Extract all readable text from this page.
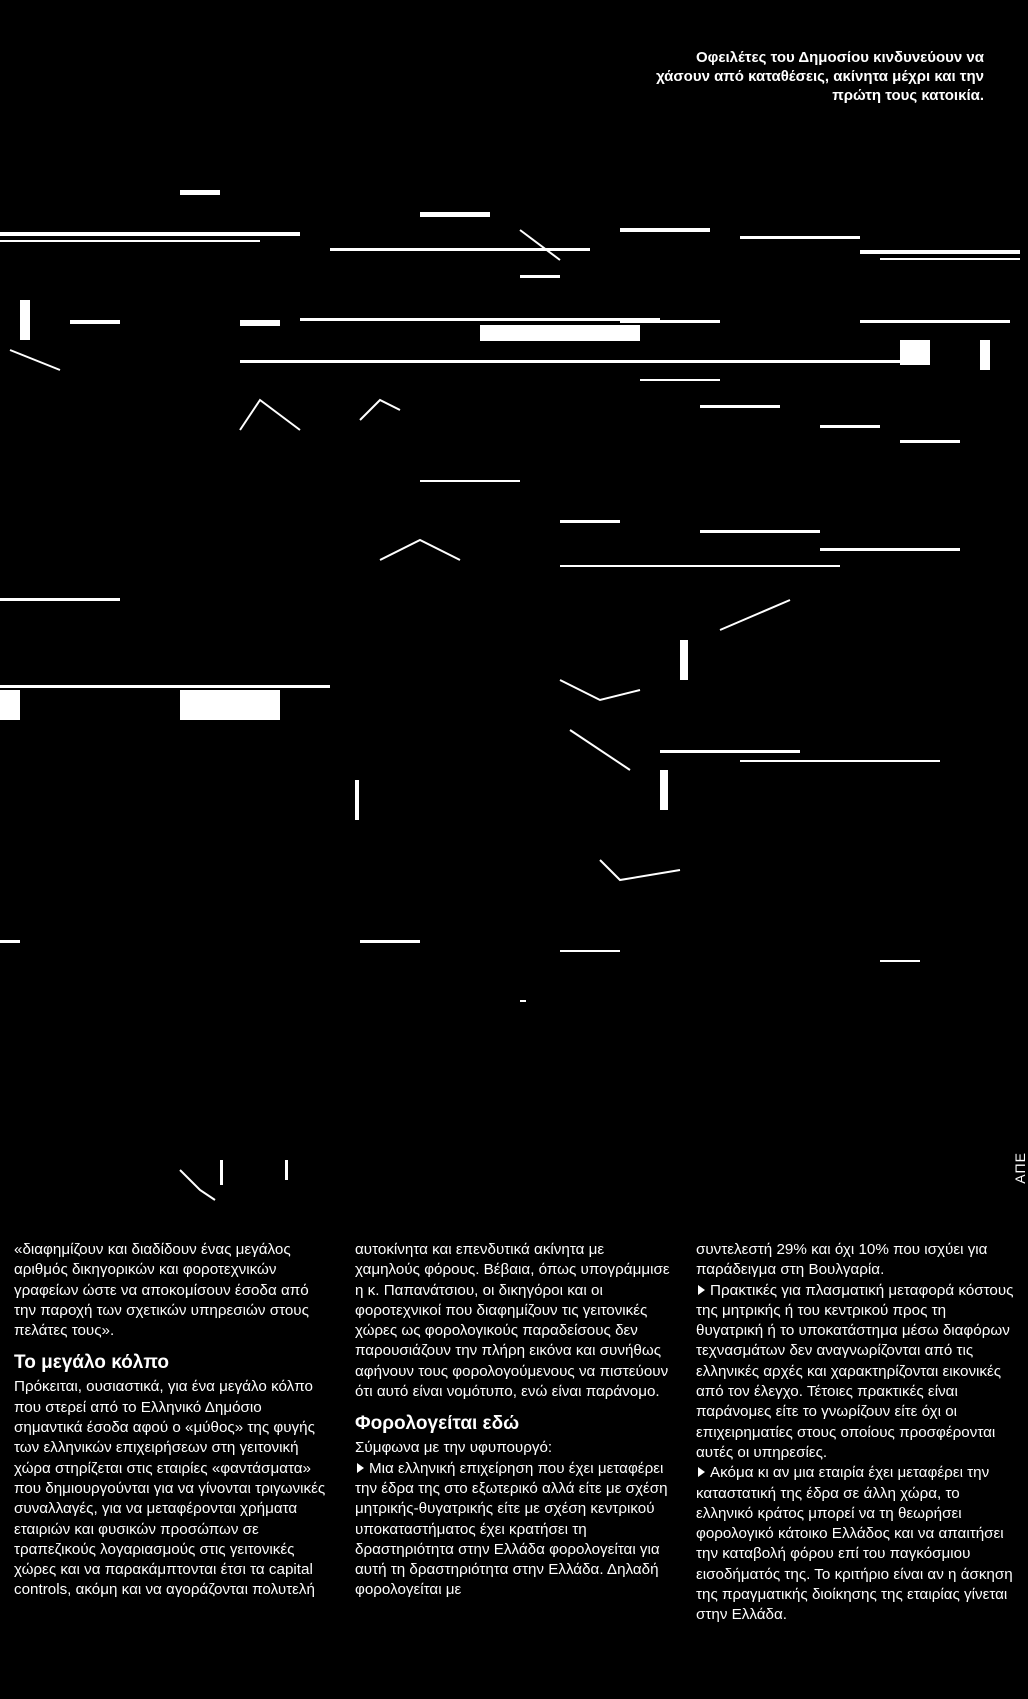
Οφειλέτες του Δημοσίου κινδυνεύουν να χάσουν από καταθέσεις, ακίνητα μέχρι και την πρώτη τους κατοικία.
ΑΠΕ

«διαφημίζουν και διαδίδουν ένας μεγάλος αριθμός δικηγορικών και φοροτεχνικών γραφείων ώστε να αποκομίσουν έσοδα από την παροχή των σχετικών υπηρεσιών στους πελάτες τους».

Το μεγάλο κόλπο

Πρόκειται, ουσιαστικά, για ένα μεγάλο κόλπο που στερεί από το Ελληνικό Δημόσιο σημαντικά έσοδα αφού ο «μύθος» της φυγής των ελληνικών επιχειρήσεων στη γειτονική χώρα στηρίζεται στις εταιρίες «φαντάσματα» που δημιουργούνται για να γίνονται τριγωνικές συναλλαγές, για να μεταφέρονται χρήματα εταιριών και φυσικών προσώπων σε τραπεζικούς λογαριασμούς στις γειτονικές χώρες και να παρακάμπτονται έτσι τα capital controls, ακόμη και να αγοράζονται πολυτελή

αυτοκίνητα και επενδυτικά ακίνητα με χαμηλούς φόρους. Βέβαια, όπως υπογράμμισε η κ. Παπανάτσιου, οι δικηγόροι και οι φοροτεχνικοί που διαφημίζουν τις γειτονικές χώρες ως φορολογικούς παραδείσους δεν παρουσιάζουν την πλήρη εικόνα και συνήθως αφήνουν τους φορολογούμενους να πιστεύουν ότι αυτό είναι νομότυπο, ενώ είναι παράνομο.

Φορολογείται εδώ

Σύμφωνα με την υφυπουργό:

Μια ελληνική επιχείρηση που έχει μεταφέρει την έδρα της στο εξωτερικό αλλά είτε με σχέση μητρικής-θυγατρικής είτε με σχέση κεντρικού υποκαταστήματος έχει κρατήσει τη δραστηριότητα στην Ελλάδα φορολογείται για αυτή τη δραστηριότητα στην Ελλάδα. Δηλαδή φορολογείται με

συντελεστή 29% και όχι 10% που ισχύει για παράδειγμα στη Βουλγαρία.

Πρακτικές για πλασματική μεταφορά κόστους της μητρικής ή του κεντρικού προς τη θυγατρική ή το υποκατάστημα μέσω διαφόρων τεχνασμάτων δεν αναγνωρίζονται από τις ελληνικές αρχές και χαρακτηρίζονται εικονικές από τον έλεγχο. Τέτοιες πρακτικές είναι παράνομες είτε το γνωρίζουν είτε όχι οι επιχειρηματίες στους οποίους προσφέρονται αυτές οι υπηρεσίες.

Ακόμα κι αν μια εταιρία έχει μεταφέρει την καταστατική της έδρα σε άλλη χώρα, το ελληνικό κράτος μπορεί να τη θεωρήσει φορολογικό κάτοικο Ελλάδος και να απαιτήσει την καταβολή φόρου επί του παγκόσμιου εισοδήματός της. Το κριτήριο είναι αν η άσκηση της πραγματικής διοίκησης της εταιρίας γίνεται στην Ελλάδα.
